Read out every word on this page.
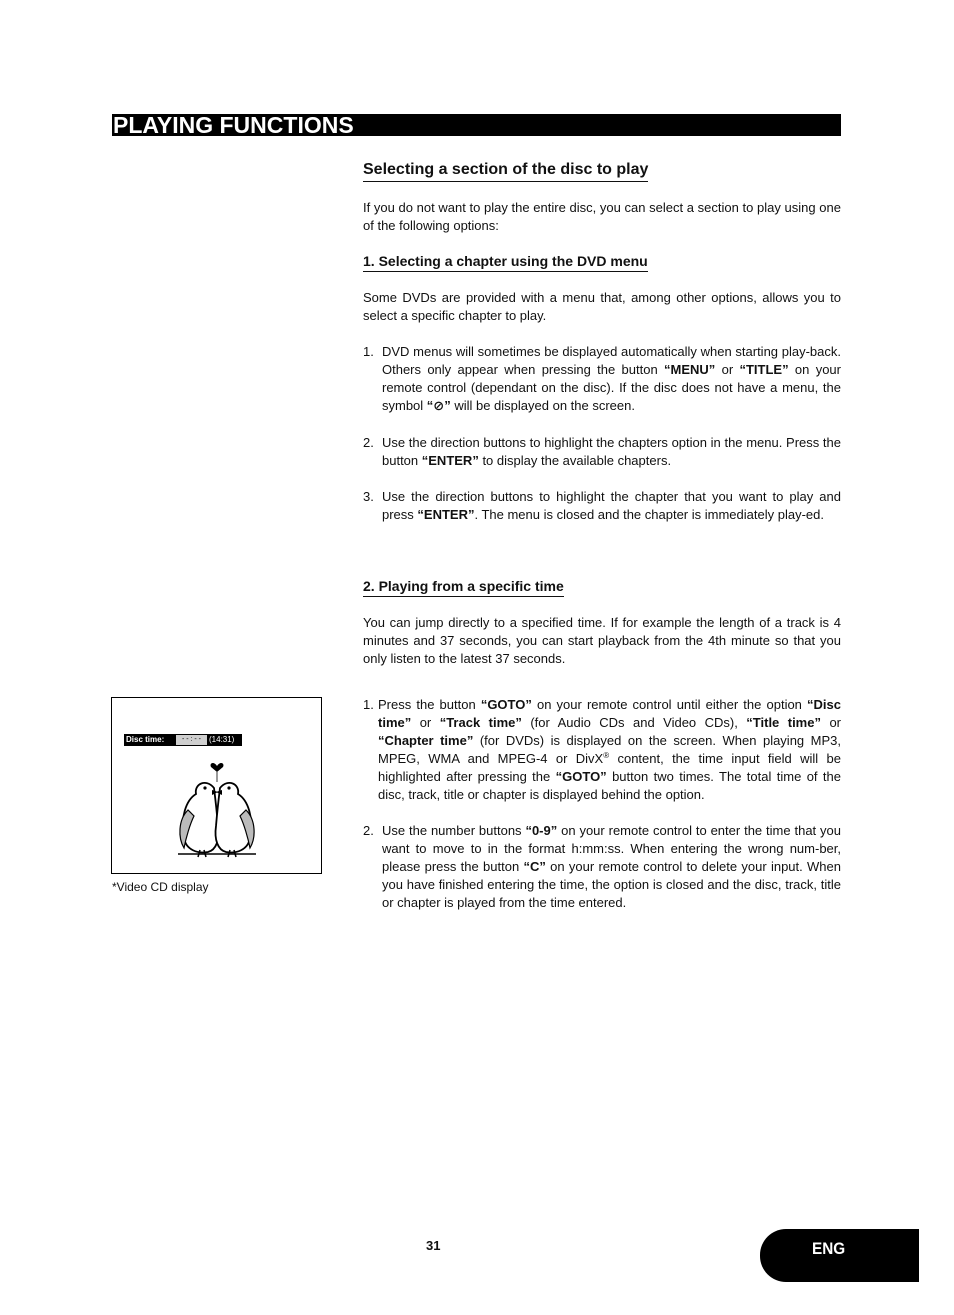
PLAYING FUNCTIONS
Selecting a section of the disc to play

If you do not want to play the entire disc, you can select a section to play using one of the following options:

1. Selecting a chapter using the DVD menu

Some DVDs are provided with a menu that, among other options, allows you to select a specific chapter to play.

1. DVD menus will sometimes be displayed automatically when starting play-back. Others only appear when pressing the button “MENU” or “TITLE” on your remote control (dependant on the disc). If the disc does not have a menu, the symbol “⊘” will be displayed on the screen.
2. Use the direction buttons to highlight the chapters option in the menu. Press the button “ENTER” to display the available chapters.
3. Use the direction buttons to highlight the chapter that you want to play and press “ENTER”. The menu is closed and the chapter is immediately play-ed.
2. Playing from a specific time

You can jump directly to a specified time. If for example the length of a track is 4 minutes and 37 seconds, you can start playback from the 4th minute so that you only listen to the latest 37 seconds.

1. Press the button “GOTO” on your remote control until either the option “Disc time” or “Track time” (for Audio CDs and Video CDs), “Title time” or “Chapter time” (for DVDs) is displayed on the screen. When playing MP3, MPEG, WMA and MPEG-4 or DivX® content, the time input field will be highlighted after pressing the “GOTO” button two times. The total time of the disc, track, title or chapter is displayed behind the option.
2. Use the number buttons “0-9” on your remote control to enter the time that you want to move to in the format h:mm:ss. When entering the wrong num-ber, please press the button “C” on your remote control to delete your input. When you have finished entering the time, the option is closed and the disc, track, title or chapter is played from the time entered.
Disc time:	- - : - - (14:31)
*Video CD display
31	ENG
